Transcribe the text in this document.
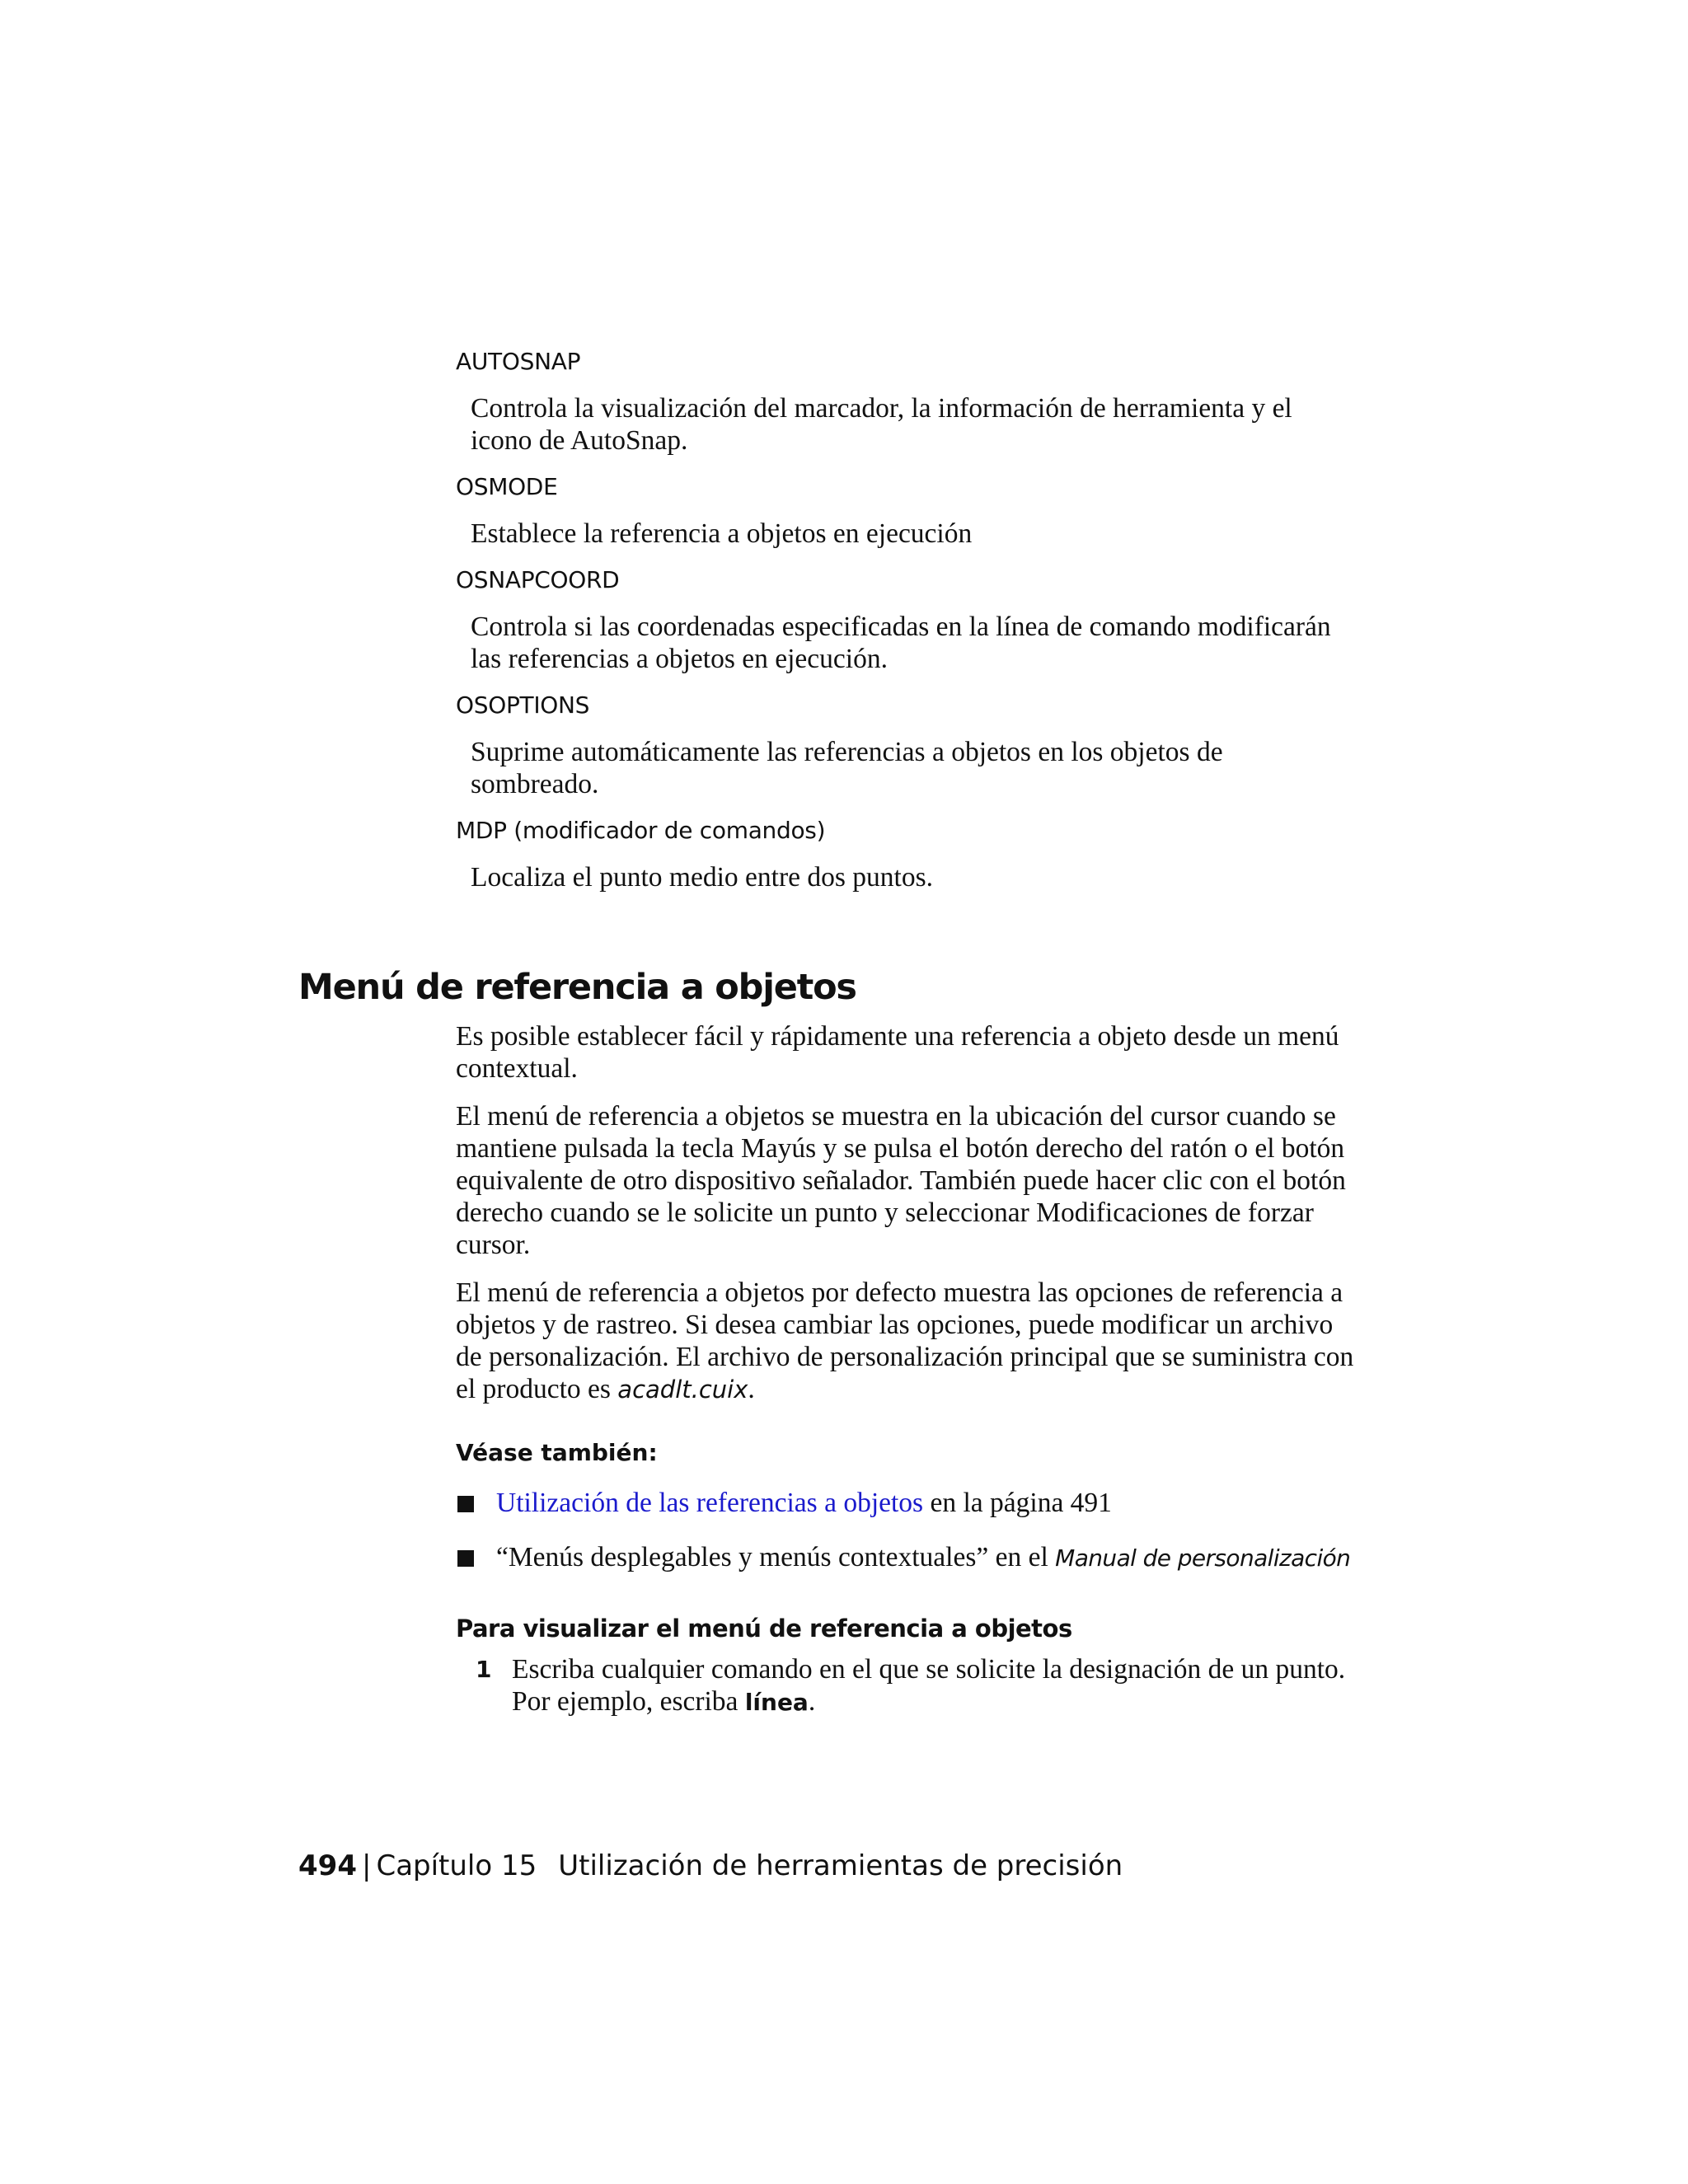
AUTOSNAP
Controla la visualización del marcador, la información de herramienta y el icono de AutoSnap.
OSMODE
Establece la referencia a objetos en ejecución
OSNAPCOORD
Controla si las coordenadas especificadas en la línea de comando modificarán las referencias a objetos en ejecución.
OSOPTIONS
Suprime automáticamente las referencias a objetos en los objetos de sombreado.
MDP (modificador de comandos)
Localiza el punto medio entre dos puntos.
Menú de referencia a objetos

Es posible establecer fácil y rápidamente una referencia a objeto desde un menú contextual.

El menú de referencia a objetos se muestra en la ubicación del cursor cuando se mantiene pulsada la tecla Mayús y se pulsa el botón derecho del ratón o el botón equivalente de otro dispositivo señalador. También puede hacer clic con el botón derecho cuando se le solicite un punto y seleccionar Modificaciones de forzar cursor.

El menú de referencia a objetos por defecto muestra las opciones de referencia a objetos y de rastreo. Si desea cambiar las opciones, puede modificar un archivo de personalización. El archivo de personalización principal que se suministra con el producto es acadlt.cuix.

Véase también:
Utilización de las referencias a objetos en la página 491
“Menús desplegables y menús contextuales” en el Manual de personalización
Para visualizar el menú de referencia a objetos
1 Escriba cualquier comando en el que se solicite la designación de un punto. Por ejemplo, escriba línea.
494 | Capítulo 15 Utilización de herramientas de precisión
